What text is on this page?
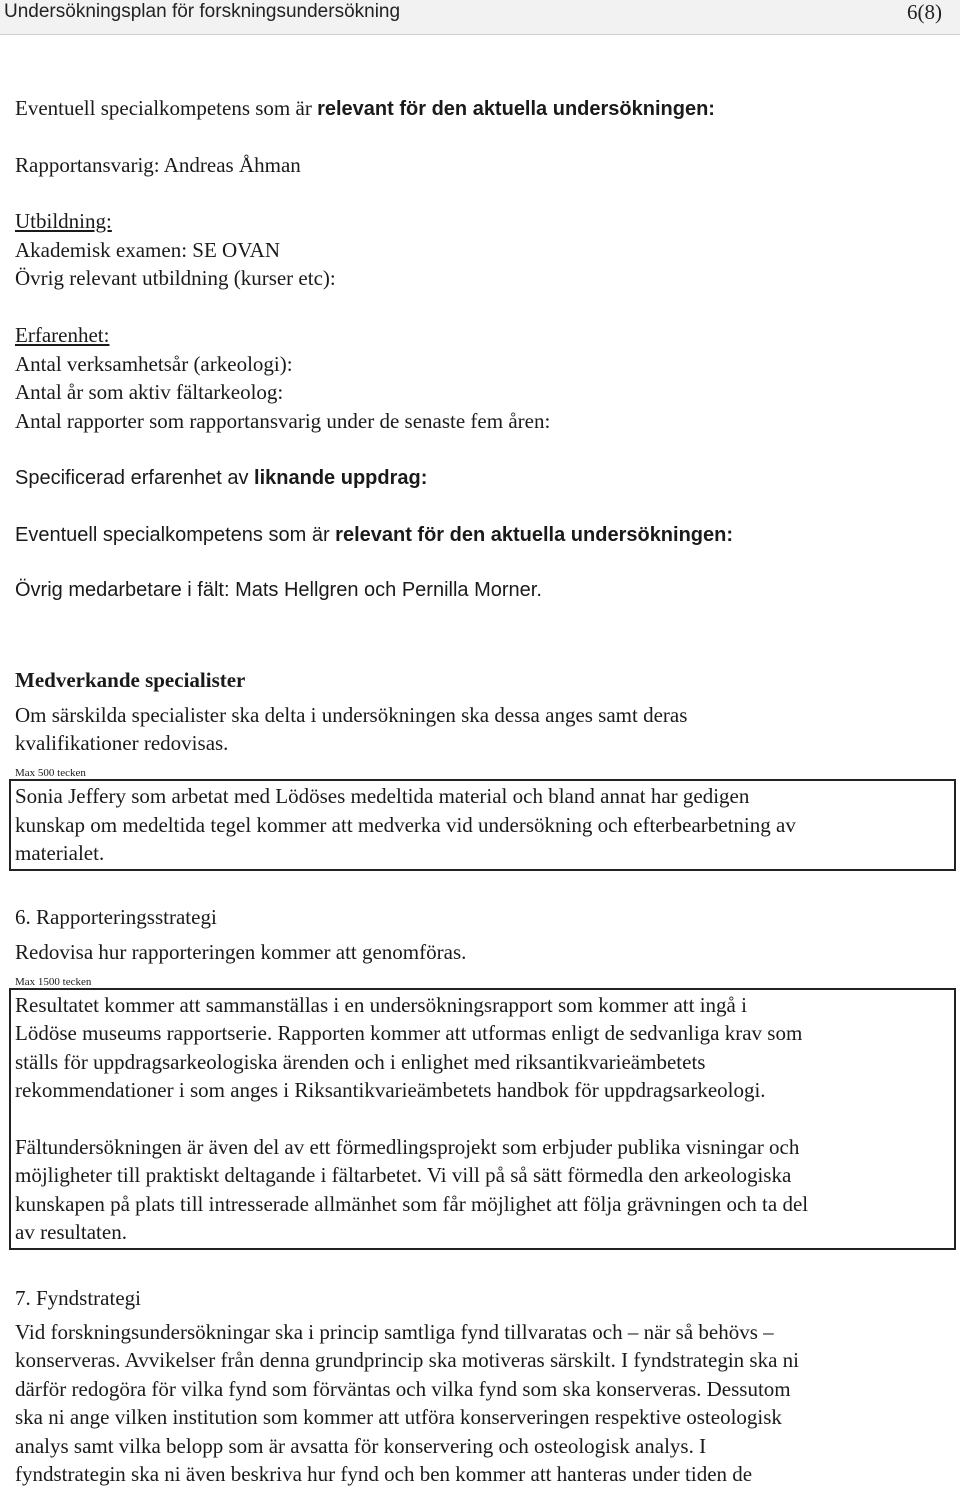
Undersökningsplan för forskningsundersökning	6(8)
Eventuell specialkompetens som är relevant för den aktuella undersökningen:
Rapportansvarig: Andreas Åhman
Utbildning:
Akademisk examen: SE OVAN
Övrig relevant utbildning (kurser etc):
Erfarenhet:
Antal verksamhetsår (arkeologi):
Antal år som aktiv fältarkeolog:
Antal rapporter som rapportansvarig under de senaste fem åren:
Specificerad erfarenhet av liknande uppdrag:
Eventuell specialkompetens som är relevant för den aktuella undersökningen:
Övrig medarbetare i fält: Mats Hellgren och Pernilla Morner.
Medverkande specialister
Om särskilda specialister ska delta i undersökningen ska dessa anges samt deras
kvalifikationer redovisas.
Max 500 tecken
Sonia Jeffery som arbetat med Lödöses medeltida material och bland annat har gedigen
kunskap om medeltida tegel kommer att medverka vid undersökning och efterbearbetning av
materialet.
6. Rapporteringsstrategi
Redovisa hur rapporteringen kommer att genomföras.
Max 1500 tecken
Resultatet kommer att sammanställas i en undersökningsrapport som kommer att ingå i
Lödöse museums rapportserie. Rapporten kommer att utformas enligt de sedvanliga krav som
ställs för uppdragsarkeologiska ärenden och i enlighet med riksantikvarieämbetets
rekommendationer i som anges i Riksantikvarieämbetets handbok för uppdragsarkeologi.
Fältundersökningen är även del av ett förmedlingsprojekt som erbjuder publika visningar och
möjligheter till praktiskt deltagande i fältarbetet. Vi vill på så sätt förmedla den arkeologiska
kunskapen på plats till intresserade allmänhet som får möjlighet att följa grävningen och ta del
av resultaten.
7. Fyndstrategi
Vid forskningsundersökningar ska i princip samtliga fynd tillvaratas och – när så behövs –
konserveras. Avvikelser från denna grundprincip ska motiveras särskilt. I fyndstrategin ska ni
därför redogöra för vilka fynd som förväntas och vilka fynd som ska konserveras. Dessutom
ska ni ange vilken institution som kommer att utföra konserveringen respektive osteologisk
analys samt vilka belopp som är avsatta för konservering och osteologisk analys. I
fyndstrategin ska ni även beskriva hur fynd och ben kommer att hanteras under tiden de
